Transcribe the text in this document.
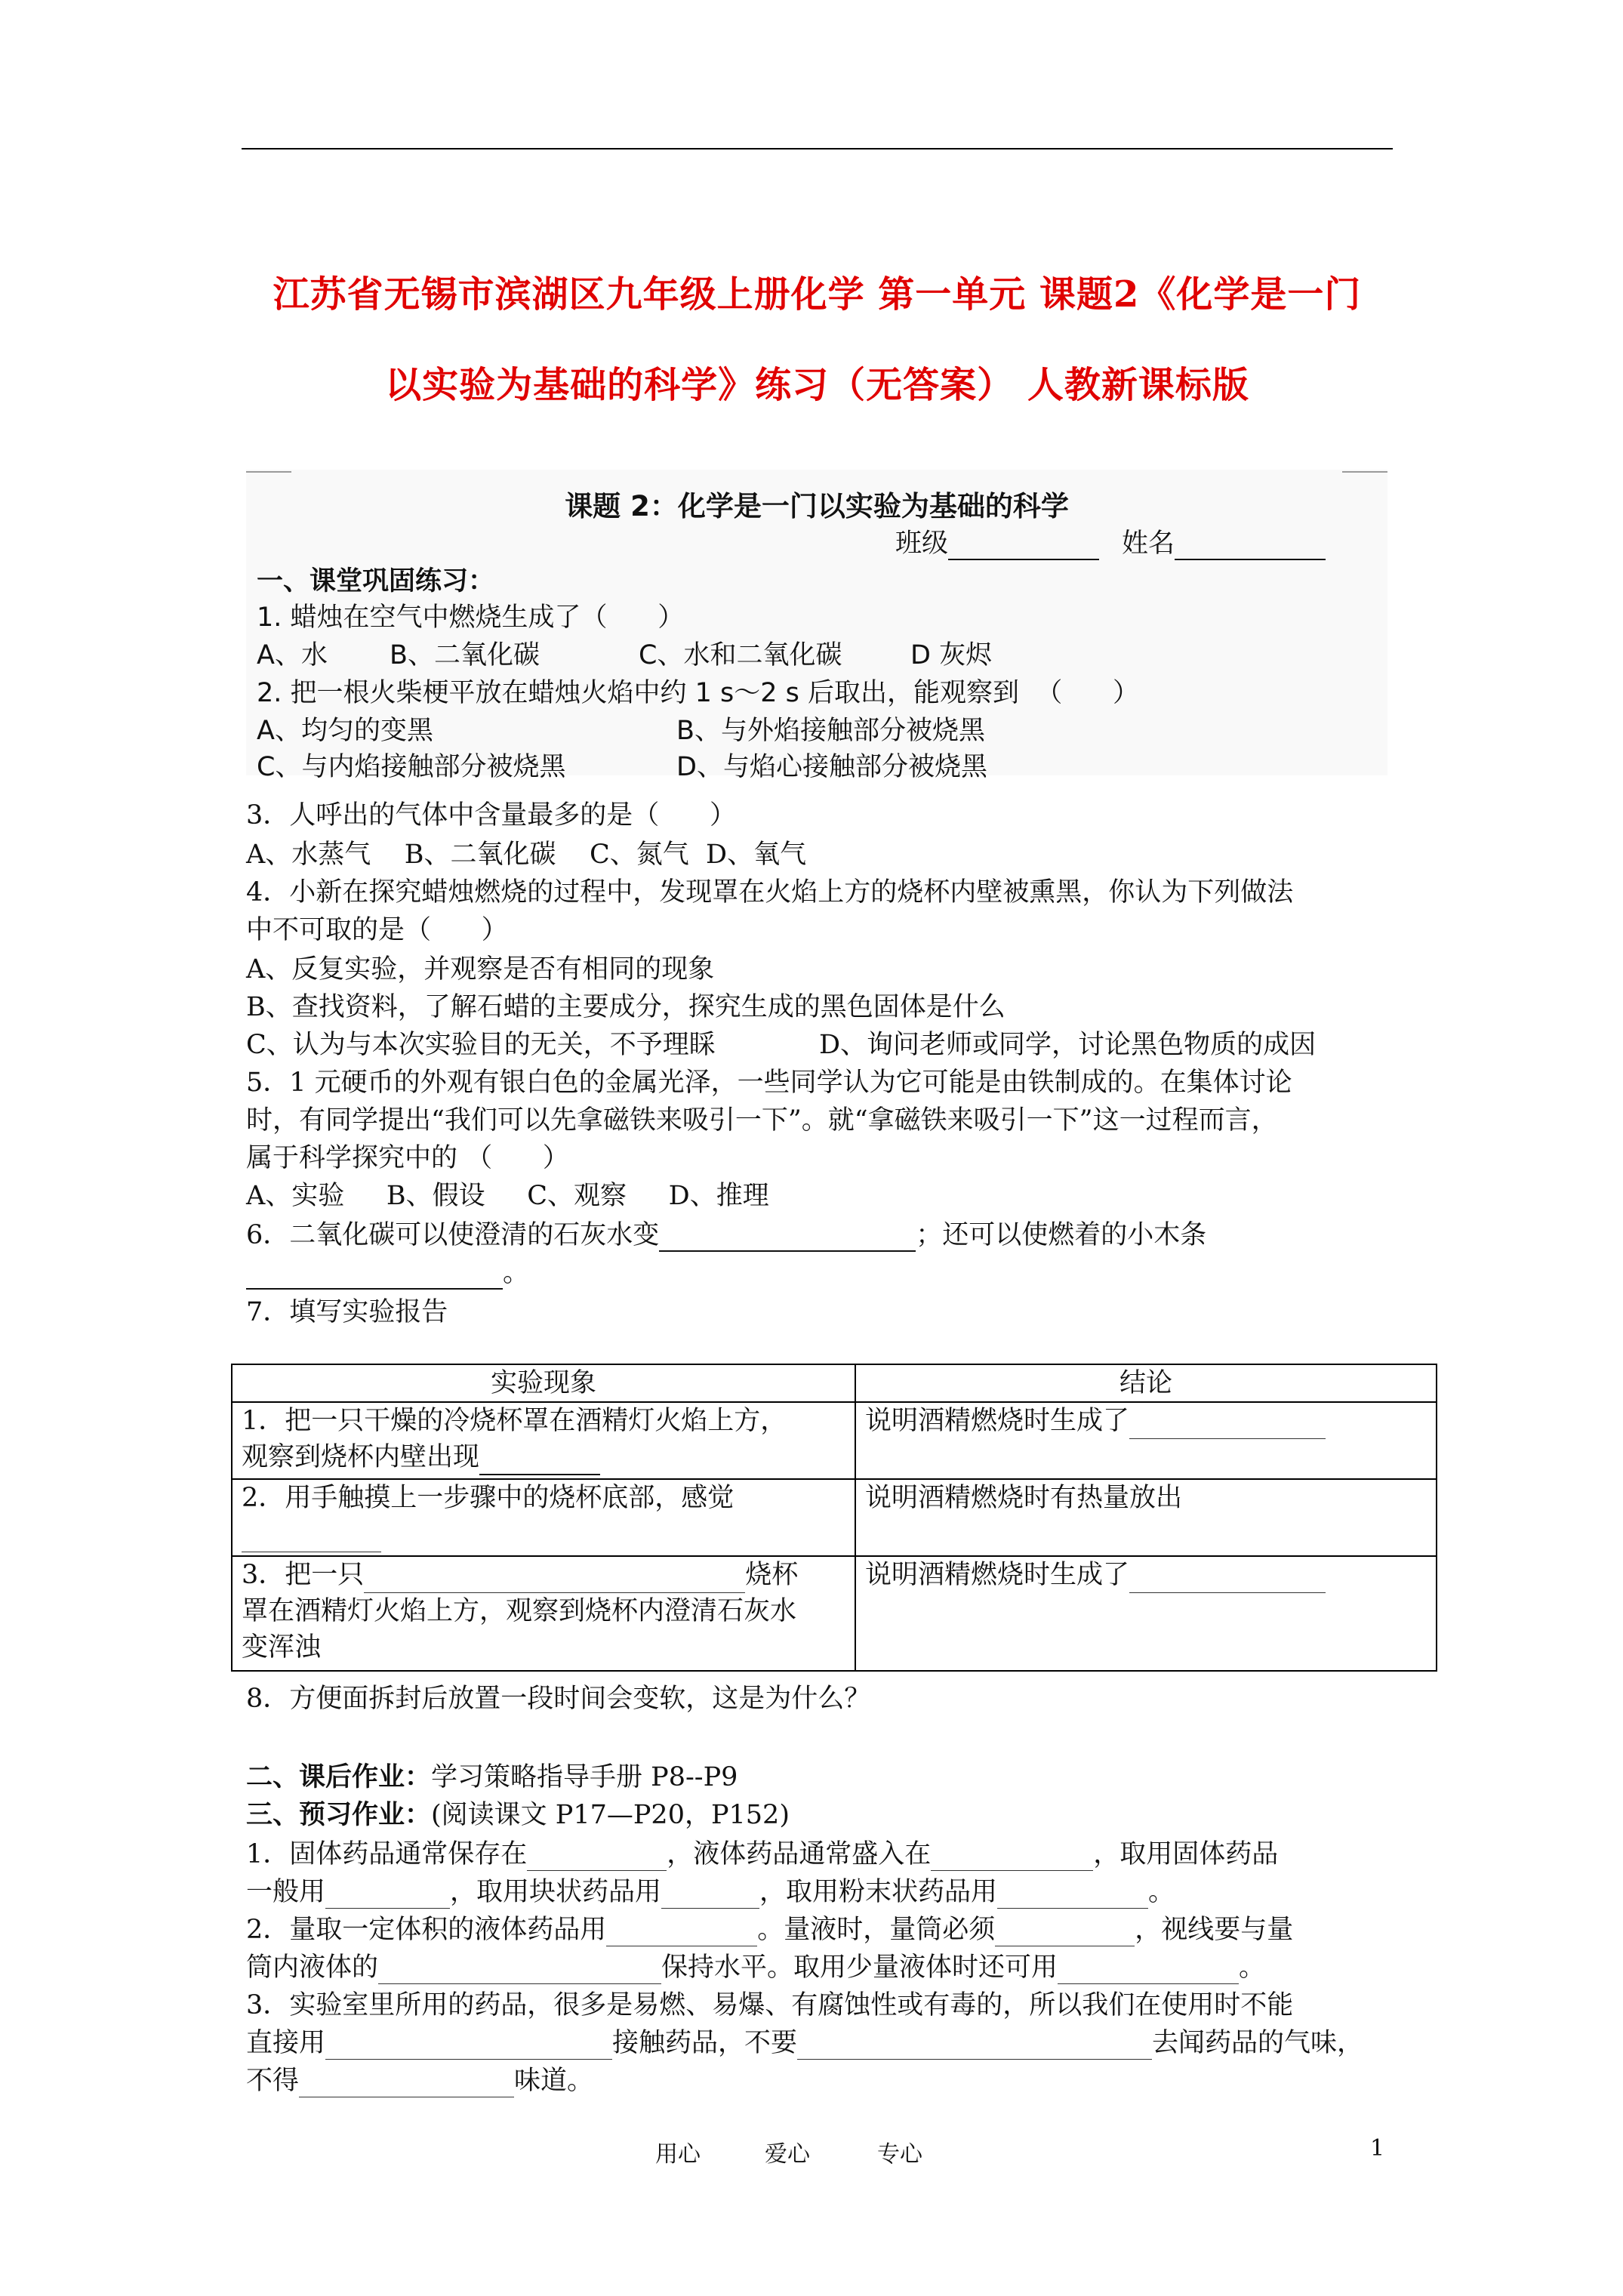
江苏省无锡市滨湖区九年级上册化学 第一单元 课题2《化学是一门
以实验为基础的科学》练习（无答案） 人教新课标版
课题 2：化学是一门以实验为基础的科学
班级	姓名
一、课堂巩固练习：
1. 蜡烛在空气中燃烧生成了（      ）
A、水 B、二氧化碳	C、水和二氧化碳	D 灰烬
2. 把一根火柴梗平放在蜡烛火焰中约 1 s～2 s 后取出，能观察到  （      ）
A、均匀的变黑	B、与外焰接触部分被烧黑
C、与内焰接触部分被烧黑	D、与焰心接触部分被烧黑
3．人呼出的气体中含量最多的是（      ）
A、水蒸气    B、二氧化碳    C、氮气  D、氧气
4．小新在探究蜡烛燃烧的过程中，发现罩在火焰上方的烧杯内壁被熏黑，你认为下列做法
中不可取的是（      ）
A、反复实验，并观察是否有相同的现象
B、查找资料，了解石蜡的主要成分，探究生成的黑色固体是什么
C、认为与本次实验目的无关，不予理睬	D、询问老师或同学，讨论黑色物质的成因
5．1 元硬币的外观有银白色的金属光泽，一些同学认为它可能是由铁制成的。在集体讨论
时，有同学提出“我们可以先拿磁铁来吸引一下”。就“拿磁铁来吸引一下”这一过程而言，
属于科学探究中的 （      ）
A、实验     B、假设     C、观察     D、推理
6．二氧化碳可以使澄清的石灰水变	；还可以使燃着的小木条
。
7．填写实验报告
实验现象	结论

1．把一只干燥的冷烧杯罩在酒精灯火焰上方，
观察到烧杯内壁出现	说明酒精燃烧时生成了

2．用手触摸上一步骤中的烧杯底部，感觉	说明酒精燃烧时有热量放出

3．把一只 烧杯
罩在酒精灯火焰上方，观察到烧杯内澄清石灰水
变浑浊	说明酒精燃烧时生成了
8．方便面拆封后放置一段时间会变软，这是为什么？
二、课后作业：学习策略指导手册 P8--P9
三、预习作业：(阅读课文 P17—P20，P152)
1．固体药品通常保存在	，液体药品通常盛入在	，取用固体药品
一般用	，取用块状药品用	，取用粉末状药品用	。
2．量取一定体积的液体药品用	。量液时，量筒必须	，视线要与量
筒内液体的	保持水平。取用少量液体时还可用	。
3．实验室里所用的药品，很多是易燃、易爆、有腐蚀性或有毒的，所以我们在使用时不能
直接用	接触药品，不要	去闻药品的气味，
不得	味道。
用心	爱心	专心	1
